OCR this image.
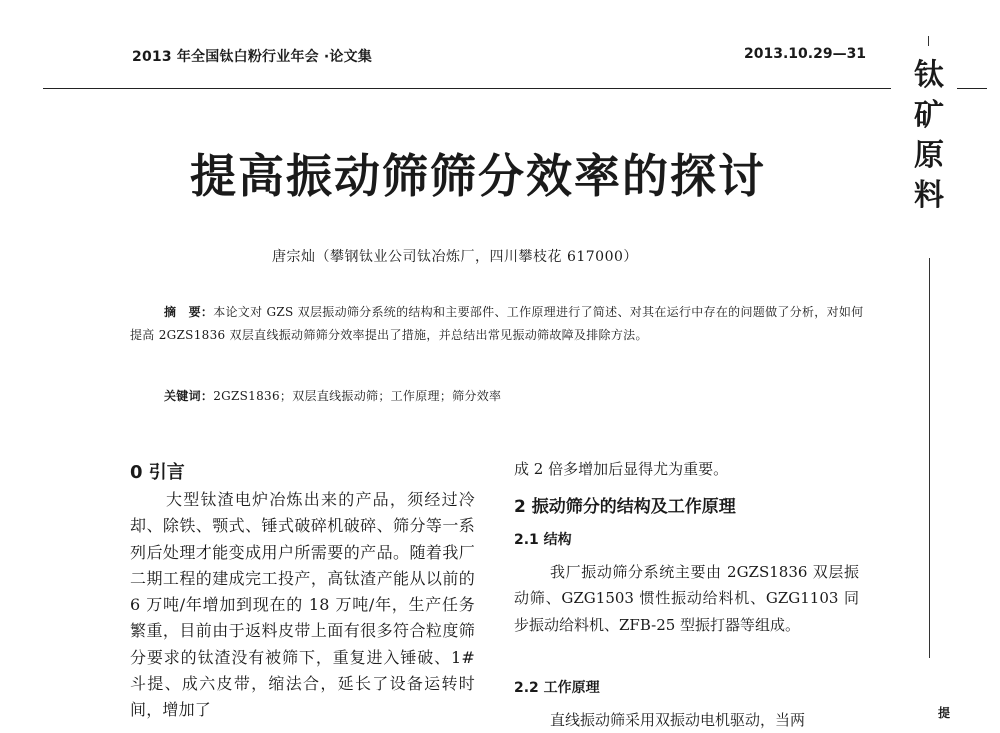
2013 年全国钛白粉行业年会 ·论文集	2013.10.29—31
钛
矿
原
料
提
提高振动筛筛分效率的探讨
唐宗灿（攀钢钛业公司钛冶炼厂，四川攀枝花 617000）
摘　要：本论文对 GZS 双层振动筛分系统的结构和主要部件、工作原理进行了简述、对其在运行中存在的问题做了分析，对如何提高 2GZS1836 双层直线振动筛筛分效率提出了措施，并总结出常见振动筛故障及排除方法。
关键词：2GZS1836；双层直线振动筛；工作原理；筛分效率
0 引言
大型钛渣电炉冶炼出来的产品，须经过冷却、除铁、颚式、锤式破碎机破碎、筛分等一系列后处理才能变成用户所需要的产品。随着我厂二期工程的建成完工投产，高钛渣产能从以前的 6 万吨/年增加到现在的 18 万吨/年，生产任务繁重，目前由于返料皮带上面有很多符合粒度筛分要求的钛渣没有被筛下，重复进入锤破、1#斗提、成六皮带，缩法合，延长了设备运转时间，增加了
成 2 倍多增加后显得尤为重要。
2 振动筛分的结构及工作原理
2.1 结构
我厂振动筛分系统主要由 2GZS1836 双层振动筛、GZG1503 惯性振动给料机、GZG1103 同步振动给料机、ZFB-25 型振打器等组成。
2.2 工作原理
直线振动筛采用双振动电机驱动，当两
